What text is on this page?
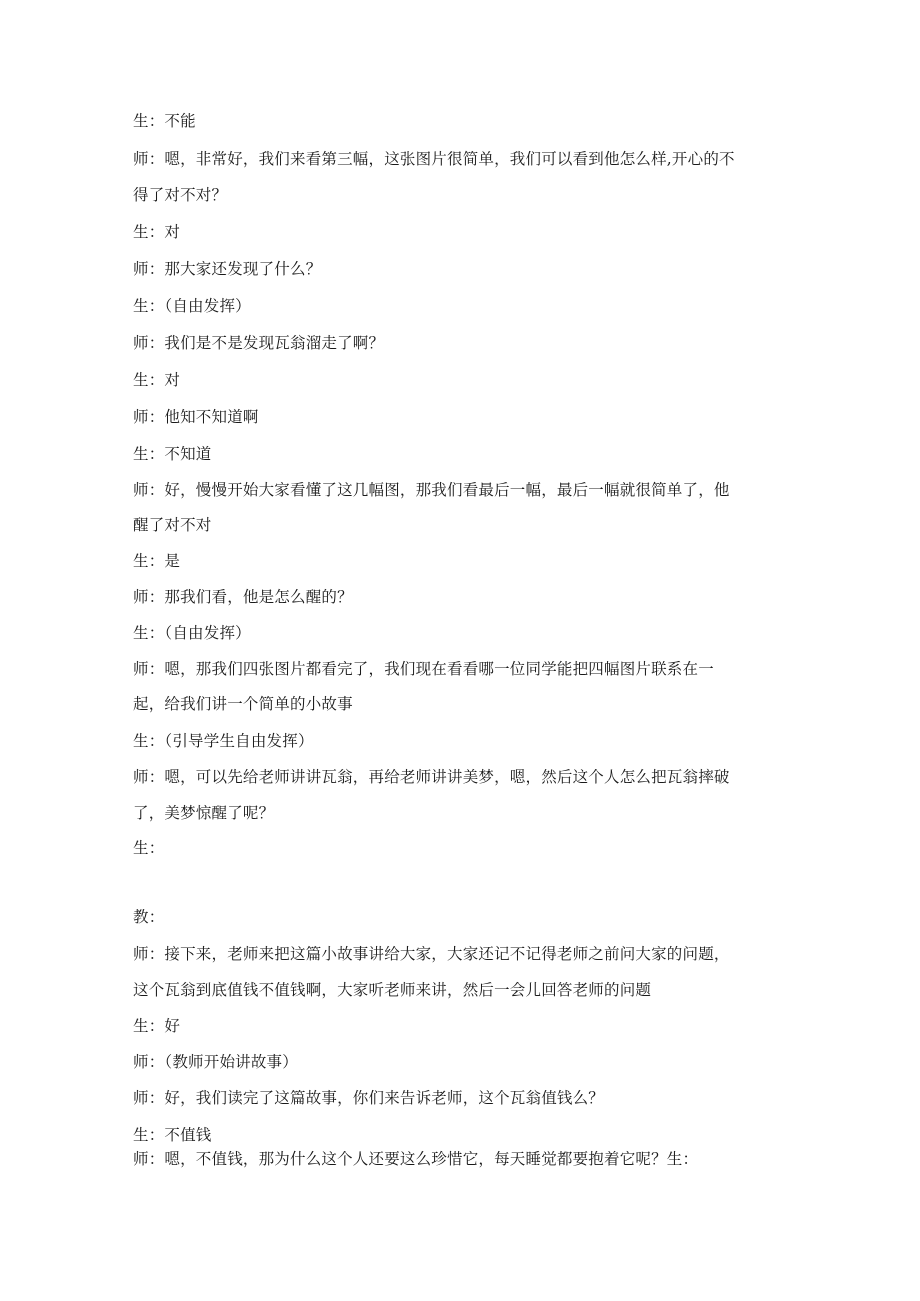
生：不能
师：嗯，非常好，我们来看第三幅，这张图片很简单，我们可以看到他怎么样,开心的不
得了对不对？
生：对
师：那大家还发现了什么？
生：（自由发挥）
师：我们是不是发现瓦翁溜走了啊？
生：对
师：他知不知道啊
生：不知道
师：好，慢慢开始大家看懂了这几幅图，那我们看最后一幅，最后一幅就很简单了，他
醒了对不对
生：是
师：那我们看，他是怎么醒的？
生：（自由发挥）
师：嗯，那我们四张图片都看完了，我们现在看看哪一位同学能把四幅图片联系在一
起，给我们讲一个简单的小故事
生：（引导学生自由发挥）
师：嗯，可以先给老师讲讲瓦翁，再给老师讲讲美梦，嗯，然后这个人怎么把瓦翁摔破
了，美梦惊醒了呢？
生：
教：
师：接下来，老师来把这篇小故事讲给大家，大家还记不记得老师之前问大家的问题，
这个瓦翁到底值钱不值钱啊，大家听老师来讲，然后一会儿回答老师的问题
生：好
师：（教师开始讲故事）
师：好，我们读完了这篇故事，你们来告诉老师，这个瓦翁值钱么？
生：不值钱
师：嗯，不值钱，那为什么这个人还要这么珍惜它，每天睡觉都要抱着它呢？生：
